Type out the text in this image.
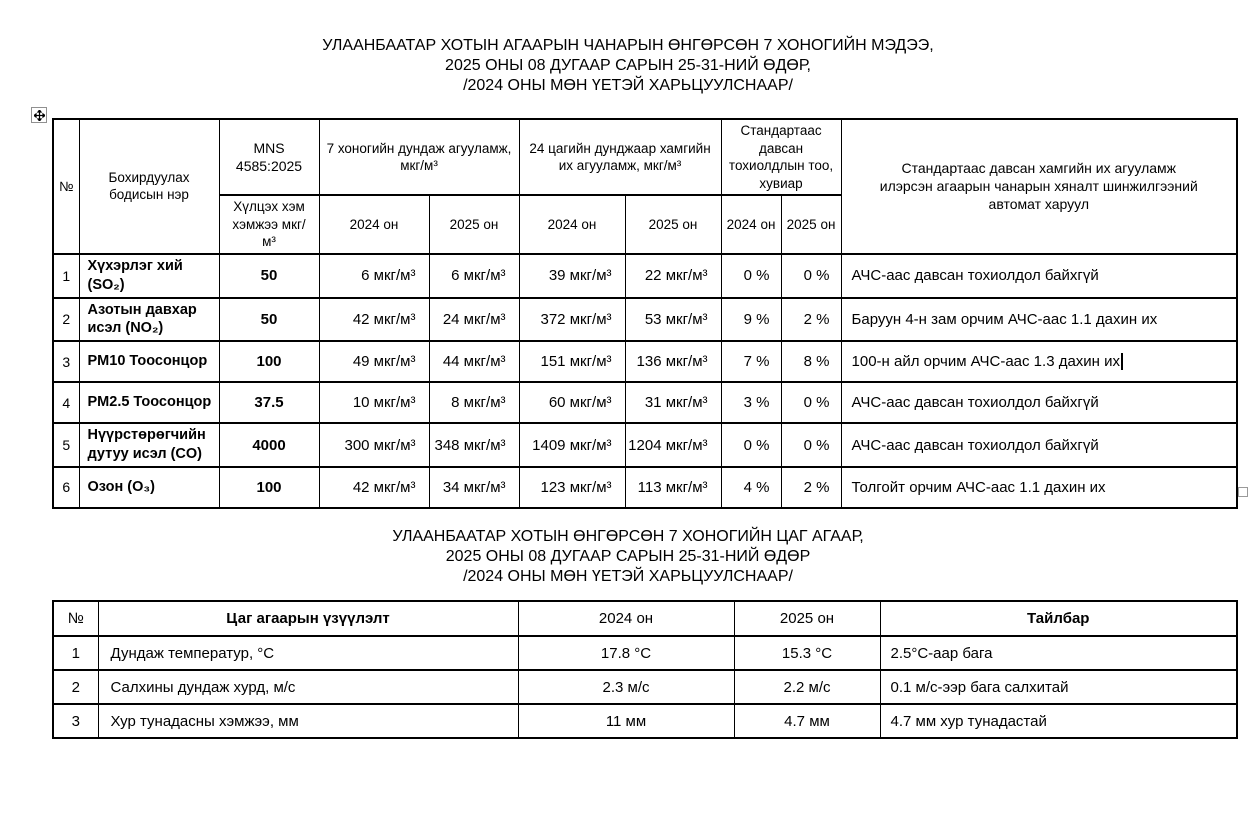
УЛААНБААТАР ХОТЫН АГААРЫН ЧАНАРЫН ӨНГӨРСӨН 7 ХОНОГИЙН МЭДЭЭ,
2025 ОНЫ 08 ДУГААР САРЫН 25-31-НИЙ ӨДӨР,
/2024 ОНЫ МӨН ҮЕТЭЙ ХАРЬЦУУЛСНААР/
№	Бохирдуулах бодисын нэр	MNS 4585:2025	7 хоногийн дундаж агууламж, мкг/м³		24 цагийн дунджаар хамгийн их агууламж, мкг/м³		Стандартаас давсан тохиолдлын тоо, хувиар		Стандартаас давсан хамгийн их агууламж илэрсэн агаарын чанарын хяналт шинжилгээний автомат харуул
		Хүлцэх хэм хэмжээ мкг/м³	2024 он	2025 он	2024 он	2025 он	2024 он	2025 он	
1	Хүхэрлэг хий (SO₂)	50	6 мкг/м³	6 мкг/м³	39 мкг/м³	22 мкг/м³	0 %	0 %	АЧС-аас давсан тохиолдол байхгүй
2	Азотын давхар исэл (NO₂)	50	42 мкг/м³	24 мкг/м³	372 мкг/м³	53 мкг/м³	9 %	2 %	Баруун 4-н зам орчим АЧС-аас 1.1 дахин их
3	PM10 Тоосонцор	100	49 мкг/м³	44 мкг/м³	151 мкг/м³	136 мкг/м³	7 %	8 %	100-н айл орчим АЧС-аас 1.3 дахин их
4	PM2.5 Тоосонцор	37.5	10 мкг/м³	8 мкг/м³	60 мкг/м³	31 мкг/м³	3 %	0 %	АЧС-аас давсан тохиолдол байхгүй
5	Нүүрстөрөгчийн дутуу исэл (CO)	4000	300 мкг/м³	348 мкг/м³	1409 мкг/м³	1204 мкг/м³	0 %	0 %	АЧС-аас давсан тохиолдол байхгүй
6	Озон (O₃)	100	42 мкг/м³	34 мкг/м³	123 мкг/м³	113 мкг/м³	4 %	2 %	Толгойт орчим АЧС-аас 1.1 дахин их
УЛААНБААТАР ХОТЫН ӨНГӨРСӨН 7 ХОНОГИЙН ЦАГ АГААР,
2025 ОНЫ 08 ДУГААР САРЫН 25-31-НИЙ ӨДӨР
/2024 ОНЫ МӨН ҮЕТЭЙ ХАРЬЦУУЛСНААР/
№	Цаг агаарын үзүүлэлт	2024 он	2025 он	Тайлбар
1	Дундаж температур, °С	17.8 °С	15.3 °С	2.5°С-аар бага
2	Салхины дундаж хурд, м/с	2.3 м/с	2.2 м/с	0.1 м/с-ээр бага салхитай
3	Хур тунадасны хэмжээ, мм	11 мм	4.7 мм	4.7 мм хур тунадастай
